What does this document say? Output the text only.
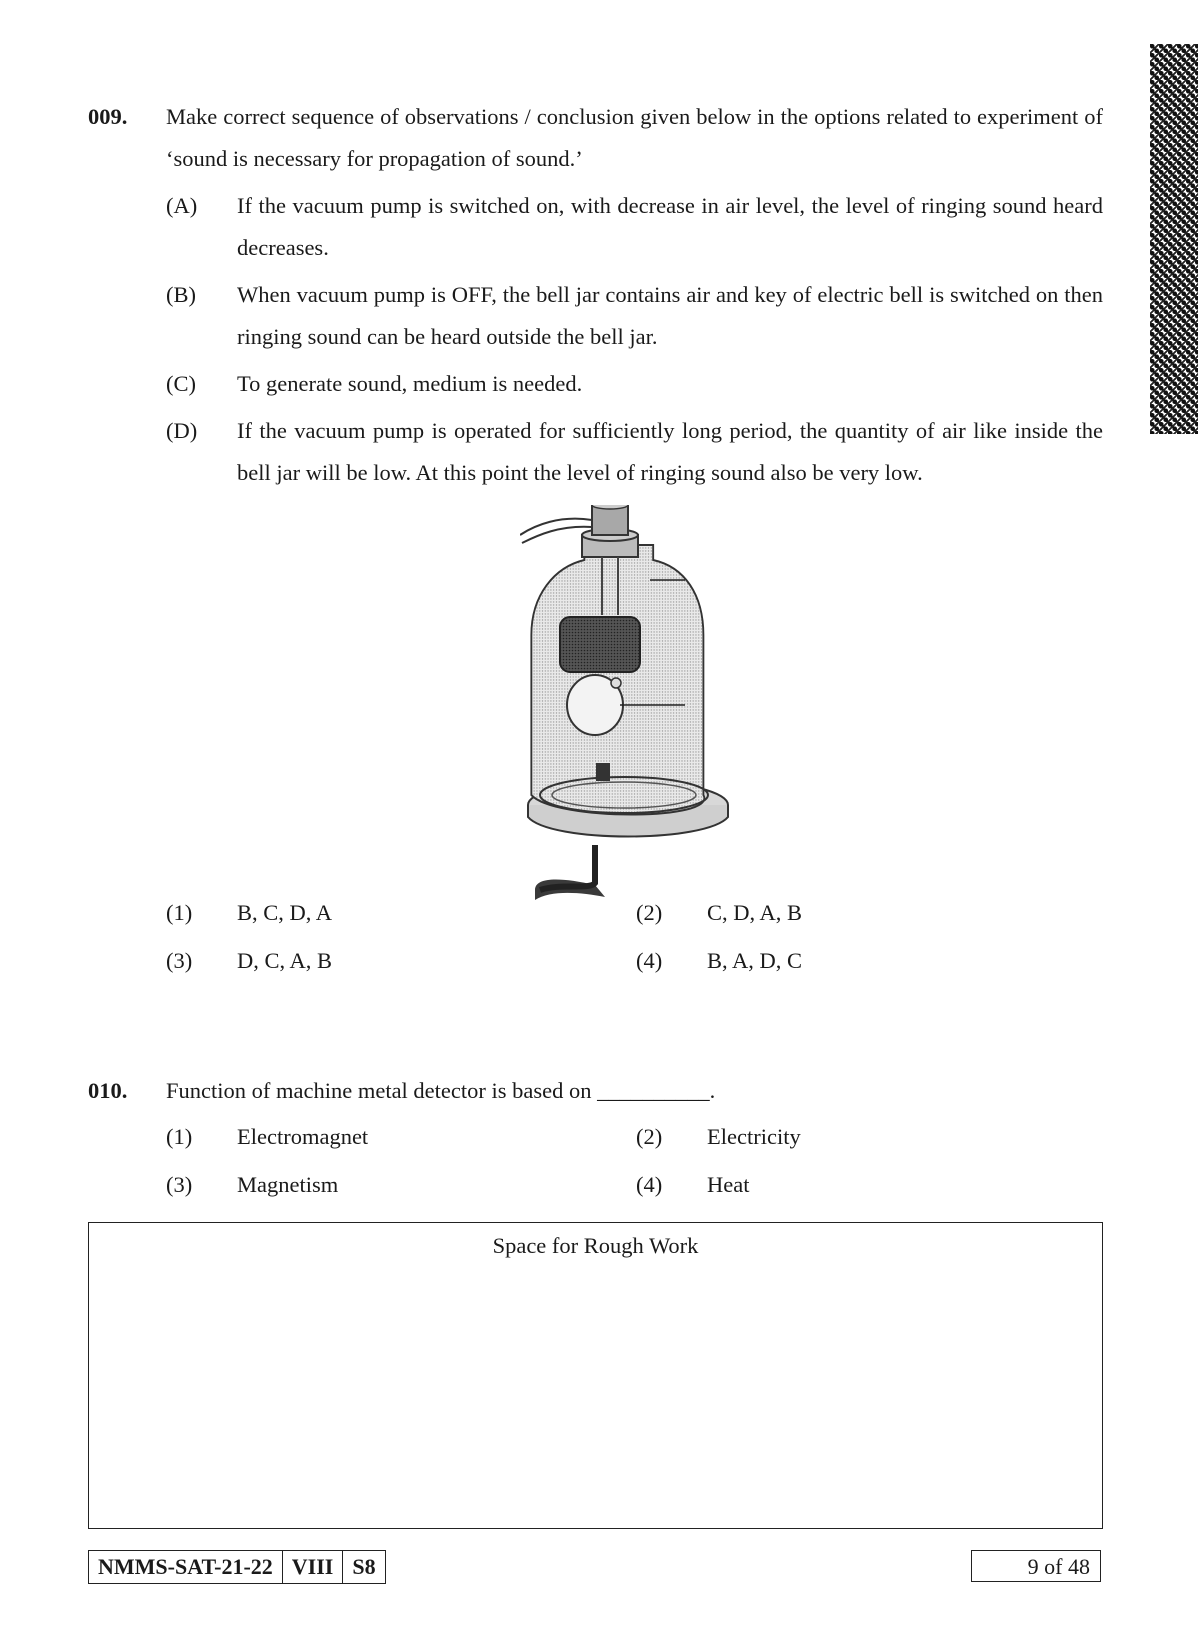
009. Make correct sequence of observations / conclusion given below in the options related to experiment of ‘sound is necessary for propagation of sound.’
(A) If the vacuum pump is switched on, with decrease in air level, the level of ringing sound heard decreases.
(B) When vacuum pump is OFF, the bell jar contains air and key of electric bell is switched on then ringing sound can be heard outside the bell jar.
(C) To generate sound, medium is needed.
(D) If the vacuum pump is operated for sufficiently long period, the quantity of air like inside the bell jar will be low. At this point the level of ringing sound also be very low.
(1) B, C, D, A	(2) C, D, A, B
(3) D, C, A, B	(4) B, A, D, C
010. Function of machine metal detector is based on __________.
(1) Electromagnet	(2) Electricity
(3) Magnetism	(4) Heat
Space for Rough Work
NMMS-SAT-21-22 VIII S8	9 of 48
